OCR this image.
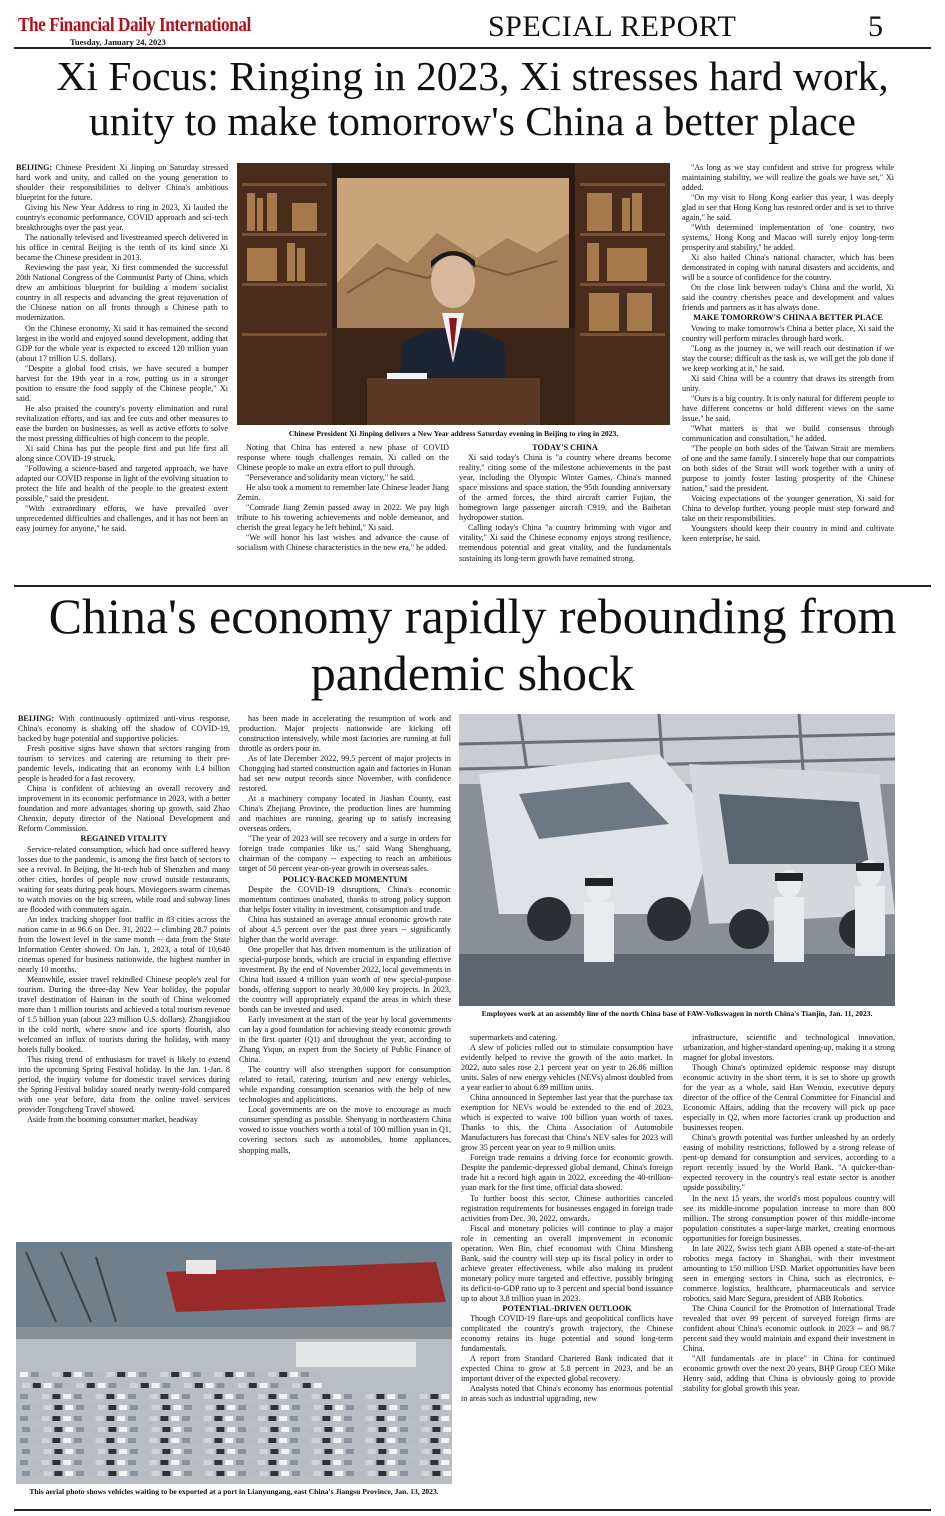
The Financial Daily International
Tuesday, January 24, 2023	SPECIAL REPORT	5
Xi Focus: Ringing in 2023, Xi stresses hard work, unity to make tomorrow's China a better place

BEIJING: Chinese President Xi Jinping on Saturday stressed hard work and unity, and called on the young generation to shoulder their responsibilities to deliver China's ambitious blueprint for the future.

Giving his New Year Address to ring in 2023, Xi lauded the country's economic performance, COVID approach and sci-tech breakthroughs over the past year.

The nationally televised and livestreamed speech delivered in his office in central Beijing is the tenth of its kind since Xi became the Chinese president in 2013.

Reviewing the past year, Xi first commended the successful 20th National Congress of the Communist Party of China, which drew an ambitious blueprint for building a modern socialist country in all respects and advancing the great rejuvenation of the Chinese nation on all fronts through a Chinese path to modernization.

On the Chinese economy, Xi said it has remained the second largest in the world and enjoyed sound development, adding that GDP for the whole year is expected to exceed 120 trillion yuan (about 17 trillion U.S. dollars).

"Despite a global food crisis, we have secured a bumper harvest for the 19th year in a row, putting us in a stronger position to ensure the food supply of the Chinese people," Xi said.

He also praised the country's poverty elimination and rural revitalization efforts, and tax and fee cuts and other measures to ease the burden on businesses, as well as active efforts to solve the most pressing difficulties of high concern to the people.

Xi said China has put the people first and put life first all along since COVID-19 struck.

"Following a science-based and targeted approach, we have adapted our COVID response in light of the evolving situation to protect the life and health of the people to the greatest extent possible," said the president.

"With extraordinary efforts, we have prevailed over unprecedented difficulties and challenges, and it has not been an easy journey for anyone," he said.

Chinese President Xi Jinping delivers a New Year address Saturday evening in Beijing to ring in 2023.

Noting that China has entered a new phase of COVID response where tough challenges remain, Xi called on the Chinese people to make an extra effort to pull through.

"Perseverance and solidarity mean victory," he said.

He also took a moment to remember late Chinese leader Jiang Zemin.

"Comrade Jiang Zemin passed away in 2022. We pay high tribute to his towering achievements and noble demeanor, and cherish the great legacy he left behind," Xi said.

"We will honor his last wishes and advance the cause of socialism with Chinese characteristics in the new era," he added.

TODAY'S CHINA

Xi said today's China is "a country where dreams become reality," citing some of the milestone achievements in the past year, including the Olympic Winter Games, China's manned space missions and space station, the 95th founding anniversary of the armed forces, the third aircraft carrier Fujian, the homegrown large passenger aircraft C919, and the Baihetan hydropower station.

Calling today's China "a country brimming with vigor and vitality," Xi said the Chinese economy enjoys strong resilience, tremendous potential and great vitality, and the fundamentals sustaining its long-term growth have remained strong.

"As long as we stay confident and strive for progress while maintaining stability, we will realize the goals we have set," Xi added.

"On my visit to Hong Kong earlier this year, I was deeply glad to see that Hong Kong has restored order and is set to thrive again," he said.

"With determined implementation of 'one country, two systems,' Hong Kong and Macao will surely enjoy long-term prosperity and stability," he added.

Xi also hailed China's national character, which has been demonstrated in coping with natural disasters and accidents, and will be a source of confidence for the country.

On the close link between today's China and the world, Xi said the country cherishes peace and development and values friends and partners as it has always done.

MAKE TOMORROW'S CHINA A BETTER PLACE

Vowing to make tomorrow's China a better place, Xi said the country will perform miracles through hard work.

"Long as the journey is, we will reach our destination if we stay the course; difficult as the task is, we will get the job done if we keep working at it," he said.

Xi said China will be a country that draws its strength from unity.

"Ours is a big country. It is only natural for different people to have different concerns or hold different views on the same issue," he said.

"What matters is that we build consensus through communication and consultation," he added.

"The people on both sides of the Taiwan Strait are members of one and the same family. I sincerely hope that our compatriots on both sides of the Strait will work together with a unity of purpose to jointly foster lasting prosperity of the Chinese nation," said the president.

Voicing expectations of the younger generation, Xi said for China to develop further, young people must step forward and take on their responsibilities.

Youngsters should keep their country in mind and cultivate keen enterprise, he said.

China's economy rapidly rebounding from pandemic shock

BEIJING: With continuously optimized anti-virus response, China's economy is shaking off the shadow of COVID-19, backed by huge potential and supportive policies.

Fresh positive signs have shown that sectors ranging from tourism to services and catering are returning to their pre-pandemic levels, indicating that an economy with 1.4 billion people is headed for a fast recovery.

China is confident of achieving an overall recovery and improvement in its economic performance in 2023, with a better foundation and more advantages shoring up growth, said Zhao Chenxin, deputy director of the National Development and Reform Commission.

REGAINED VITALITY

Service-related consumption, which had once suffered heavy losses due to the pandemic, is among the first batch of sectors to see a revival. In Beijing, the hi-tech hub of Shenzhen and many other cities, hordes of people now crowd outside restaurants, waiting for seats during peak hours. Moviegoers swarm cinemas to watch movies on the big screen, while road and subway lines are flooded with commuters again.

An index tracking shopper foot traffic in 83 cities across the nation came in at 96.6 on Dec. 31, 2022 -- climbing 28.7 points from the lowest level in the same month -- data from the State Information Center showed. On Jan. 1, 2023, a total of 10,640 cinemas opened for business nationwide, the highest number in nearly 10 months.

Meanwhile, easier travel rekindled Chinese people's zeal for tourism. During the three-day New Year holiday, the popular travel destination of Hainan in the south of China welcomed more than 1 million tourists and achieved a total tourism revenue of 1.5 billion yuan (about 223 million U.S. dollars). Zhangjiakou in the cold north, where snow and ice sports flourish, also welcomed an influx of tourists during the holiday, with many hotels fully booked.

This rising trend of enthusiasm for travel is likely to extend into the upcoming Spring Festival holiday. In the Jan. 1-Jan. 8 period, the inquiry volume for domestic travel services during the Spring Festival holiday soared nearly twenty-fold compared with one year before, data from the online travel services provider Tongcheng Travel showed.

Aside from the booming consumer market, headway

has been made in accelerating the resumption of work and production. Major projects nationwide are kicking off construction intensively, while most factories are running at full throttle as orders pour in.

As of late December 2022, 99.5 percent of major projects in Chongqing had started construction again and factories in Hunan had set new output records since November, with confidence restored.

At a machinery company located in Jiashan County, east China's Zhejiang Province, the production lines are humming and machines are running, gearing up to satisfy increasing overseas orders.

"The year of 2023 will see recovery and a surge in orders for foreign trade companies like us," said Wang Shenghuang, chairman of the company -- expecting to reach an ambitious target of 50 percent year-on-year growth in overseas sales.

POLICY-BACKED MOMENTUM

Despite the COVID-19 disruptions, China's economic momentum continues unabated, thanks to strong policy support that helps foster vitality in investment, consumption and trade.

China has sustained an average annual economic growth rate of about 4.5 percent over the past three years -- significantly higher than the world average.

One propeller that has driven momentum is the utilization of special-purpose bonds, which are crucial in expanding effective investment. By the end of November 2022, local governments in China had issued 4 trillion yuan worth of new special-purpose bonds, offering support to nearly 30,000 key projects. In 2023, the country will appropriately expand the areas in which these bonds can be invested and used.

Early investment at the start of the year by local governments can lay a good foundation for achieving steady economic growth in the first quarter (Q1) and throughout the year, according to Zhang Yiqun, an expert from the Society of Public Finance of China.

The country will also strengthen support for consumption related to retail, catering, tourism and new energy vehicles, while expanding consumption scenarios with the help of new technologies and applications.

Local governments are on the move to encourage as much consumer spending as possible. Shenyang in northeastern China vowed to issue vouchers worth a total of 100 million yuan in Q1, covering sectors such as automobiles, home appliances, shopping malls,

Employees work at an assembly line of the north China base of FAW-Volkswagen in north China's Tianjin, Jan. 11, 2023.

supermarkets and catering.

A slew of policies rolled out to stimulate consumption have evidently helped to revive the growth of the auto market. In 2022, auto sales rose 2.1 percent year on year to 26.86 million units. Sales of new energy vehicles (NEVs) almost doubled from a year earlier to about 6.89 million units.

China announced in September last year that the purchase tax exemption for NEVs would be extended to the end of 2023, which is expected to waive 100 billion yuan worth of taxes. Thanks to this, the China Association of Automobile Manufacturers has forecast that China's NEV sales for 2023 will grow 35 percent year on year to 9 million units.

Foreign trade remains a driving force for economic growth. Despite the pandemic-depressed global demand, China's foreign trade hit a record high again in 2022, exceeding the 40-trillion-yuan mark for the first time, official data showed.

To further boost this sector, Chinese authorities canceled registration requirements for businesses engaged in foreign trade activities from Dec. 30, 2022, onwards.

Fiscal and monetary policies will continue to play a major role in cementing an overall improvement in economic operation. Wen Bin, chief economist with China Minsheng Bank, said the country will step up its fiscal policy in order to achieve greater effectiveness, while also making its prudent monetary policy more targeted and effective, possibly bringing its deficit-to-GDP ratio up to 3 percent and special bond issuance up to about 3.8 trillion yuan in 2023.

POTENTIAL-DRIVEN OUTLOOK

Though COVID-19 flare-ups and geopolitical conflicts have complicated the country's growth trajectory, the Chinese economy retains its huge potential and sound long-term fundamentals.

A report from Standard Chartered Bank indicated that it expected China to grow at 5.8 percent in 2023, and be an important driver of the expected global recovery.

Analysts noted that China's economy has enormous potential in areas such as industrial upgrading, new

infrastructure, scientific and technological innovation, urbanization, and higher-standard opening-up, making it a strong magnet for global investors.

Though China's optimized epidemic response may disrupt economic activity in the short term, it is set to shore up growth for the year as a whole, said Han Wenxiu, executive deputy director of the office of the Central Committee for Financial and Economic Affairs, adding that the recovery will pick up pace especially in Q2, when more factories crank up production and businesses reopen.

China's growth potential was further unleashed by an orderly easing of mobility restrictions, followed by a strong release of pent-up demand for consumption and services, according to a report recently issued by the World Bank. "A quicker-than-expected recovery in the country's real estate sector is another upside possibility."

In the next 15 years, the world's most populous country will see its middle-income population increase to more than 800 million. The strong consumption power of this middle-income population constitutes a super-large market, creating enormous opportunities for foreign businesses.

In late 2022, Swiss tech giant ABB opened a state-of-the-art robotics mega factory in Shanghai, with their investment amounting to 150 million USD. Market opportunities have been seen in emerging sectors in China, such as electronics, e-commerce logistics, healthcare, pharmaceuticals and service robotics, said Marc Segura, president of ABB Robotics.

The China Council for the Promotion of International Trade revealed that over 99 percent of surveyed foreign firms are confident about China's economic outlook in 2023 -- and 98.7 percent said they would maintain and expand their investment in China.

"All fundamentals are in place" in China for continued economic growth over the next 20 years, BHP Group CEO Mike Henry said, adding that China is obviously going to provide stability for global growth this year.

This aerial photo shows vehicles waiting to be exported at a port in Lianyungang, east China's Jiangsu Province, Jan. 13, 2023.
